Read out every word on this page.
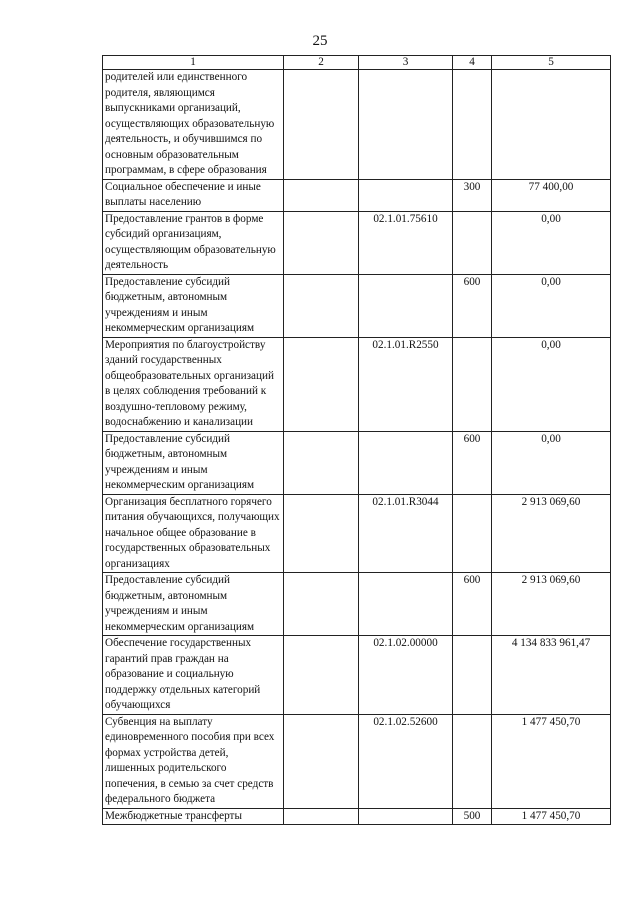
25
1	2	3	4	5
родителей или единственного родителя, являющимся выпускниками организаций, осуществляющих образовательную деятельность, и обучившимся по основным образовательным программам, в сфере образования				
Социальное обеспечение и иные выплаты населению			300	77 400,00
Предоставление грантов в форме субсидий организациям, осуществляющим образовательную деятельность		02.1.01.75610		0,00
Предоставление субсидий бюджетным, автономным учреждениям и иным некоммерческим организациям			600	0,00
Мероприятия по благоустройству зданий государственных общеобразовательных организаций в целях соблюдения требований к воздушно-тепловому режиму, водоснабжению и канализации		02.1.01.R2550		0,00
Предоставление субсидий бюджетным, автономным учреждениям и иным некоммерческим организациям			600	0,00
Организация бесплатного горячего питания обучающихся, получающих начальное общее образование в государственных образовательных организациях		02.1.01.R3044		2 913 069,60
Предоставление субсидий бюджетным, автономным учреждениям и иным некоммерческим организациям			600	2 913 069,60
Обеспечение государственных гарантий прав граждан на образование и социальную поддержку отдельных категорий обучающихся		02.1.02.00000		4 134 833 961,47
Субвенция на выплату единовременного пособия при всех формах устройства детей, лишенных родительского попечения, в семью за счет средств федерального бюджета		02.1.02.52600		1 477 450,70
Межбюджетные трансферты			500	1 477 450,70
